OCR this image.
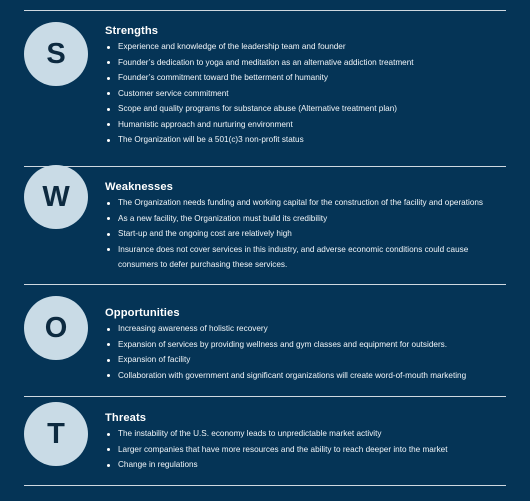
S
Strengths
Experience and knowledge of the leadership team and founder
Founder’s dedication to yoga and meditation as an alternative addiction treatment
Founder’s commitment toward the betterment of humanity
Customer service commitment
Scope and quality programs for substance abuse (Alternative treatment plan)
Humanistic approach and nurturing environment
The Organization will be a 501(c)3 non-profit status
W	Weaknesses
The Organization needs funding and working capital for the construction of the facility and operations
As a new facility, the Organization must build its credibility
Start-up and the ongoing cost are relatively high
Insurance does not cover services in this industry, and adverse economic conditions could cause consumers to defer purchasing these services.
O	Opportunities
Increasing awareness of holistic recovery
Expansion of services by providing wellness and gym classes and equipment for outsiders.
Expansion of facility
Collaboration with government and significant organizations will create word-of-mouth marketing
T	Threats
The instability of the U.S. economy leads to unpredictable market activity
Larger companies that have more resources and the ability to reach deeper into the market
Change in regulations
